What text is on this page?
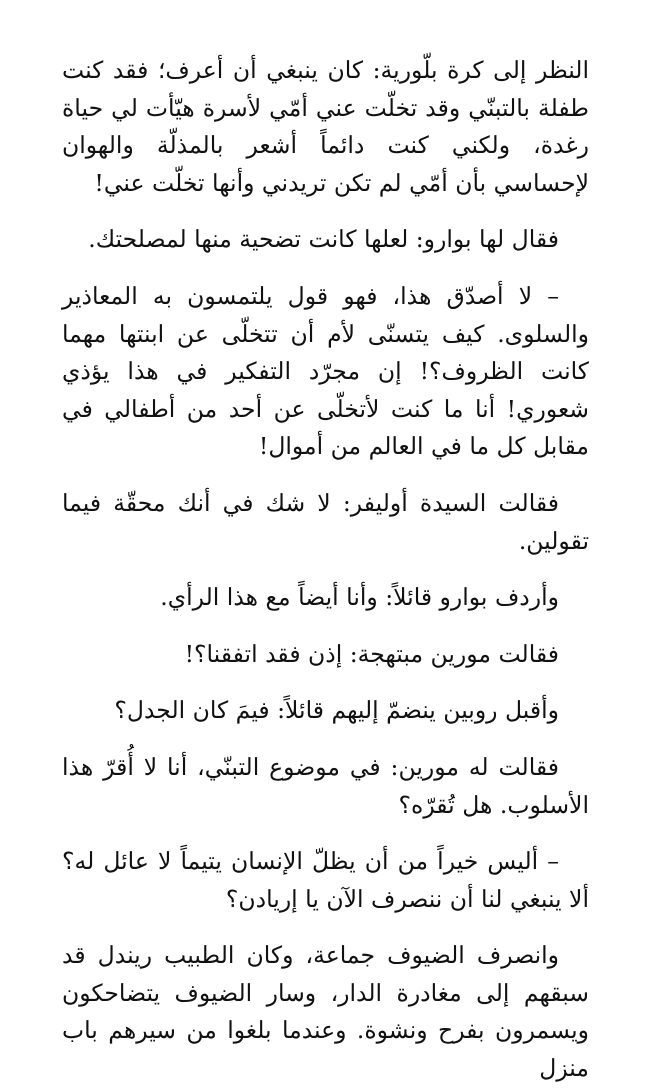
النظر إلى كرة بلّورية: كان ينبغي أن أعرف؛ فقد كنت طفلة بالتبنّي وقد تخلّت عني أمّي لأسرة هيّأت لي حياة رغدة، ولكني كنت دائماً أشعر بالمذلّة والهوان لإحساسي بأن أمّي لم تكن تريدني وأنها تخلّت عني!

فقال لها بوارو: لعلها كانت تضحية منها لمصلحتك.

– لا أصدّق هذا، فهو قول يلتمسون به المعاذير والسلوى. كيف يتسنّى لأم أن تتخلّى عن ابنتها مهما كانت الظروف؟! إن مجرّد التفكير في هذا يؤذي شعوري! أنا ما كنت لأتخلّى عن أحد من أطفالي في مقابل كل ما في العالم من أموال!

فقالت السيدة أوليفر: لا شك في أنك محقّة فيما تقولين.

وأردف بوارو قائلاً: وأنا أيضاً مع هذا الرأي.

فقالت مورين مبتهجة: إذن فقد اتفقنا؟!

وأقبل روبين ينضمّ إليهم قائلاً: فيمَ كان الجدل؟

فقالت له مورين: في موضوع التبنّي، أنا لا أُقرّ هذا الأسلوب. هل تُقرّه؟

– أليس خيراً من أن يظلّ الإنسان يتيماً لا عائل له؟ ألا ينبغي لنا أن ننصرف الآن يا إريادن؟

وانصرف الضيوف جماعة، وكان الطبيب ريندل قد سبقهم إلى مغادرة الدار، وسار الضيوف يتضاحكون ويسمرون بفرح ونشوة. وعندما بلغوا من سيرهم باب منزل
